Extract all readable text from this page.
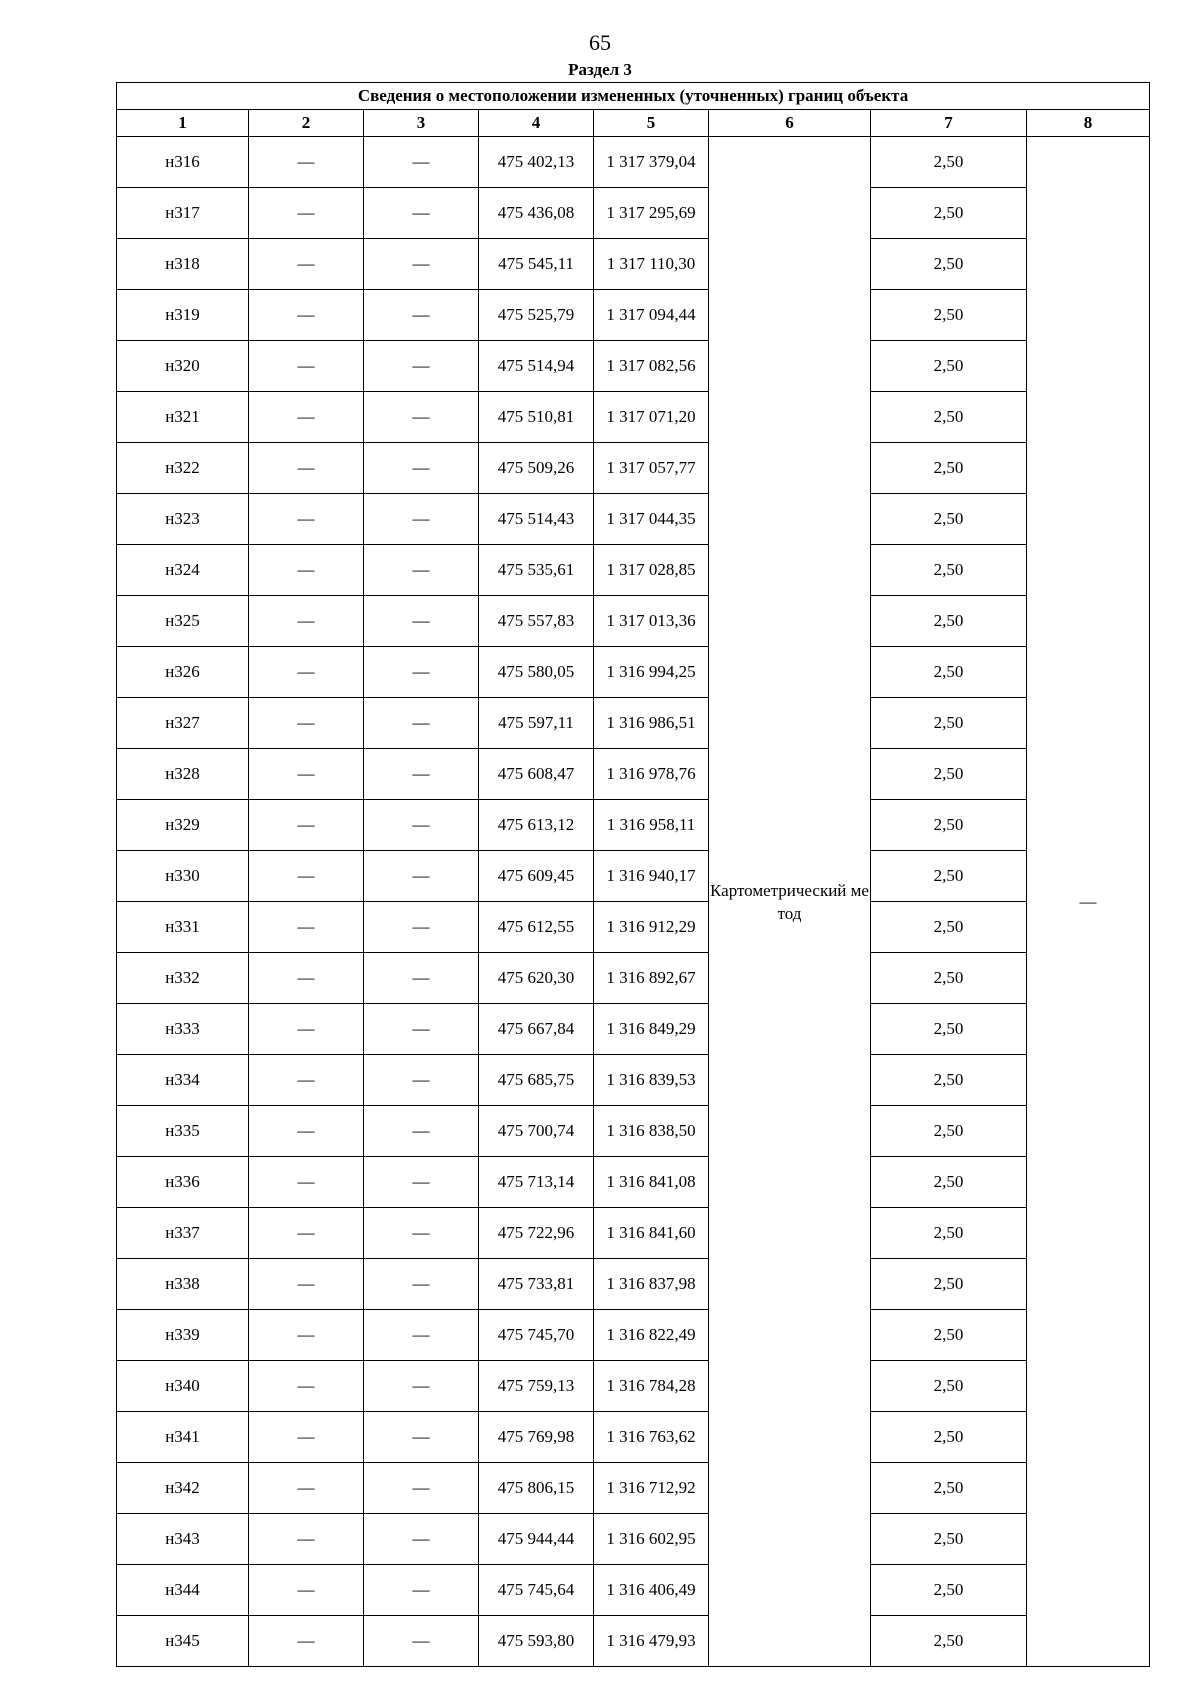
65
Раздел 3
Сведения о местоположении измененных (уточненных) границ объекта							
1	2	3	4	5	6	7	8
н316	—	—	475 402,13	1 317 379,04	Картометрический метод	2,50	—
н317	—	—	475 436,08	1 317 295,69		2,50	
н318	—	—	475 545,11	1 317 110,30		2,50	
н319	—	—	475 525,79	1 317 094,44		2,50	
н320	—	—	475 514,94	1 317 082,56		2,50	
н321	—	—	475 510,81	1 317 071,20		2,50	
н322	—	—	475 509,26	1 317 057,77		2,50	
н323	—	—	475 514,43	1 317 044,35		2,50	
н324	—	—	475 535,61	1 317 028,85		2,50	
н325	—	—	475 557,83	1 317 013,36		2,50	
н326	—	—	475 580,05	1 316 994,25		2,50	
н327	—	—	475 597,11	1 316 986,51		2,50	
н328	—	—	475 608,47	1 316 978,76		2,50	
н329	—	—	475 613,12	1 316 958,11		2,50	
н330	—	—	475 609,45	1 316 940,17		2,50	
н331	—	—	475 612,55	1 316 912,29		2,50	
н332	—	—	475 620,30	1 316 892,67		2,50	
н333	—	—	475 667,84	1 316 849,29		2,50	
н334	—	—	475 685,75	1 316 839,53		2,50	
н335	—	—	475 700,74	1 316 838,50		2,50	
н336	—	—	475 713,14	1 316 841,08		2,50	
н337	—	—	475 722,96	1 316 841,60		2,50	
н338	—	—	475 733,81	1 316 837,98		2,50	
н339	—	—	475 745,70	1 316 822,49		2,50	
н340	—	—	475 759,13	1 316 784,28		2,50	
н341	—	—	475 769,98	1 316 763,62		2,50	
н342	—	—	475 806,15	1 316 712,92		2,50	
н343	—	—	475 944,44	1 316 602,95		2,50	
н344	—	—	475 745,64	1 316 406,49		2,50	
н345	—	—	475 593,80	1 316 479,93		2,50	
